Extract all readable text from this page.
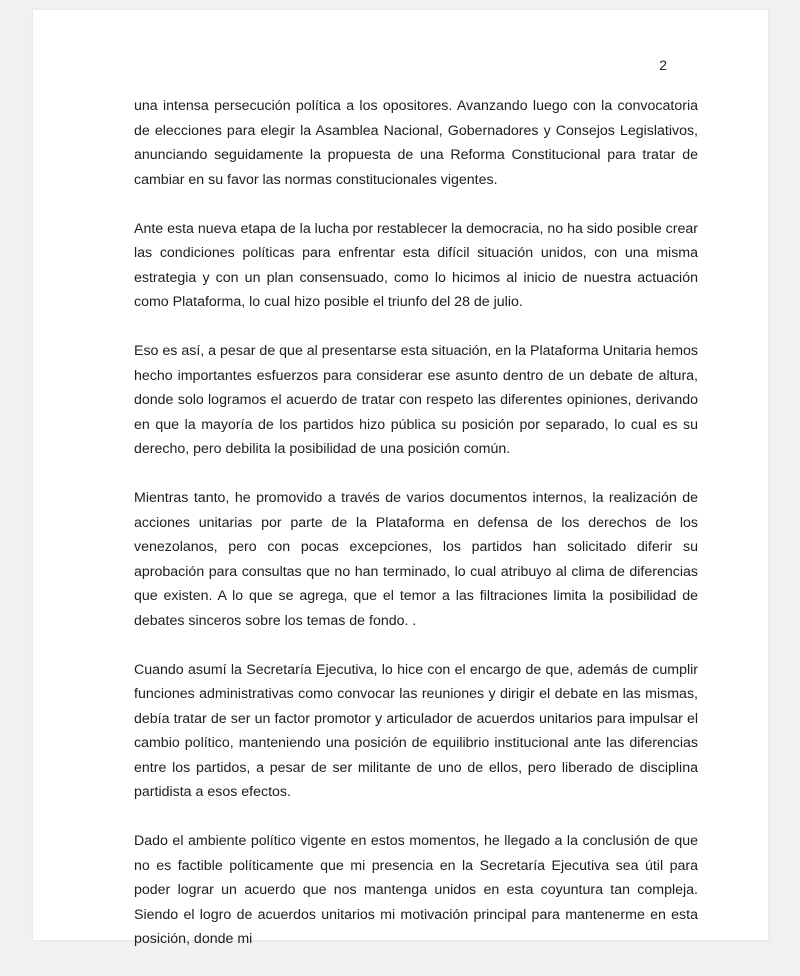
2

una intensa persecución política a los opositores. Avanzando luego con la convocatoria de elecciones para elegir la Asamblea Nacional, Gobernadores y Consejos Legislativos, anunciando seguidamente la propuesta de una Reforma Constitucional para tratar de cambiar en su favor las normas constitucionales vigentes.

Ante esta nueva etapa de la lucha por restablecer la democracia, no ha sido posible crear las condiciones políticas para enfrentar esta difícil situación unidos, con una misma estrategia y con un plan consensuado, como lo hicimos al inicio de nuestra actuación como Plataforma, lo cual hizo posible el triunfo del 28 de julio.

Eso es así, a pesar de que al presentarse esta situación, en la Plataforma Unitaria hemos hecho importantes esfuerzos para considerar ese asunto dentro de un debate de altura, donde solo logramos el acuerdo de tratar con respeto las diferentes opiniones, derivando en que la mayoría de los partidos hizo pública su posición por separado, lo cual es su derecho, pero debilita la posibilidad de una posición común.

Mientras tanto, he promovido a través de varios documentos internos, la realización de acciones unitarias por parte de la Plataforma en defensa de los derechos de los venezolanos, pero con pocas excepciones, los partidos han solicitado diferir su aprobación para consultas que no han terminado, lo cual atribuyo al clima de diferencias que existen. A lo que se agrega, que el temor a las filtraciones limita la posibilidad de debates sinceros sobre los temas de fondo. .

Cuando asumí la Secretaría Ejecutiva, lo hice con el encargo de que, además de cumplir funciones administrativas como convocar las reuniones y dirigir el debate en las mismas, debía tratar de ser un factor promotor y articulador de acuerdos unitarios para impulsar el cambio político, manteniendo una posición de equilibrio institucional ante las diferencias entre los partidos, a pesar de ser militante de uno de ellos, pero liberado de disciplina partidista a esos efectos.

Dado el ambiente político vigente en estos momentos, he llegado a la conclusión de que no es factible políticamente que mi presencia en la Secretaría Ejecutiva sea útil para poder lograr un acuerdo que nos mantenga unidos en esta coyuntura tan compleja. Siendo el logro de acuerdos unitarios mi motivación principal para mantenerme en esta posición, donde mi
